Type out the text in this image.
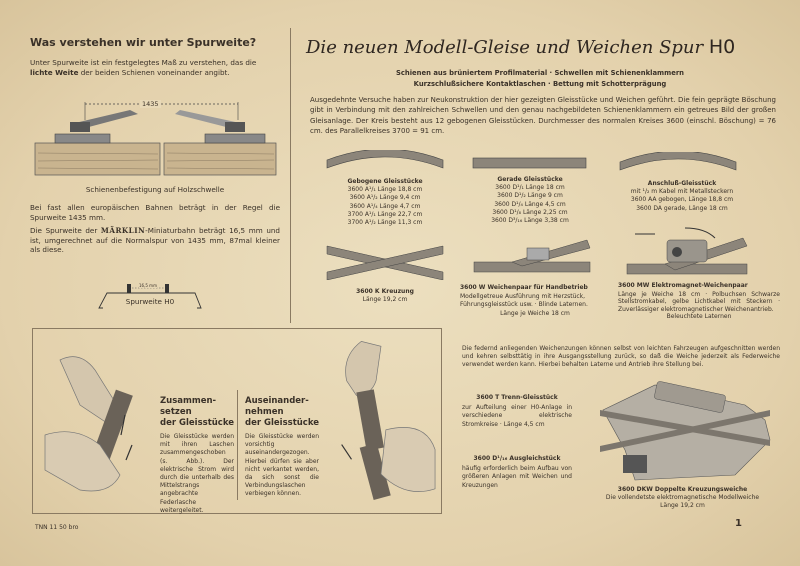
Was verstehen wir unter Spurweite?
Unter Spurweite ist ein festgelegtes Maß zu verstehen, das die lichte Weite der beiden Schienen voneinander angibt.
1435
Schienenbefestigung auf Holzschwelle
Bei fast allen europäischen Bahnen beträgt in der Regel die Spurweite 1435 mm.
Die Spurweite der MÄRKLIN-Miniaturbahn beträgt 16,5 mm und ist, umgerechnet auf die Normalspur von 1435 mm, 87mal kleiner als diese.
16,5 mm
Spurweite H0
Zusammen-
setzen
der Gleisstücke
Die Gleisstücke werden mit ihren Laschen zusammengeschoben (s. Abb.). Der elektrische Strom wird durch die unterhalb des Mittelstrangs angebrachte Federlasche weitergeleitet.
Auseinander-
nehmen
der Gleisstücke
Die Gleisstücke werden vorsichtig auseinandergezogen. Hierbei dürfen sie aber nicht verkantet werden, da sich sonst die Verbindungslaschen verbiegen können.
TNN 11 50 bro
Die neuen Modell-Gleise und Weichen Spur H0
Schienen aus brüniertem Profilmaterial · Schwellen mit Schienenklammern
Kurzschlußsichere Kontaktlaschen · Bettung mit Schotterprägung
Ausgedehnte Versuche haben zur Neukonstruktion der hier gezeigten Gleisstücke und Weichen geführt. Die fein geprägte Böschung gibt in Verbindung mit den zahlreichen Schwellen und den genau nachgebildeten Schienenklammern ein getreues Bild der großen Gleisanlage. Der Kreis besteht aus 12 gebogenen Gleisstücken. Durchmesser des normalen Kreises 3600 (einschl. Böschung) = 76 cm. des Parallelkreises 3700 = 91 cm.
Gebogene Gleisstücke
3600 A¹/₁ Länge 18,8 cm
3600 A¹/₂ Länge 9,4 cm
3600 A¹/₄ Länge 4,7 cm
3700 A¹/₁ Länge 22,7 cm
3700 A¹/₂ Länge 11,3 cm
Gerade Gleisstücke
3600 D¹/₁ Länge 18 cm
3600 D¹/₂ Länge 9 cm
3600 D¹/₄ Länge 4,5 cm
3600 D¹/₈ Länge 2,25 cm
3600 D³/₁₆ Länge 3,38 cm
Anschluß-Gleisstück
mit ¹/₂ m Kabel mit Metallsteckern
3600 AA gebogen, Länge 18,8 cm
3600 DA gerade, Länge 18 cm
3600 K Kreuzung
Länge 19,2 cm
3600 W Weichenpaar für Handbetrieb
Modellgetreue Ausführung mit Herzstück,
Führungsgleisstück usw. · Blinde Laternen.
Länge je Weiche 18 cm
3600 MW Elektromagnet-Weichenpaar
Länge je Weiche 18 cm · Polbuchsen Schwarze Stellstromkabel, gelbe Lichtkabel mit Steckern · Zuverlässiger elektromagnetischer Weichenantrieb.
Beleuchtete Laternen
Die federnd anliegenden Weichenzungen können selbst von leichten Fahrzeugen aufgeschnitten werden und kehren selbsttätig in ihre Ausgangsstellung zurück, so daß die Weiche jederzeit als Federweiche verwendet werden kann. Hierbei behalten Laterne und Antrieb ihre Stellung bei.
3600 T Trenn-Gleisstück
zur Aufteilung einer H0-Anlage in verschiedene elektrische Stromkreise · Länge 4,5 cm
3600 D¹/₁₆ Ausgleichstück
häufig erforderlich beim Aufbau von größeren Anlagen mit Weichen und Kreuzungen
3600 DKW Doppelte Kreuzungsweiche
Die vollendetste elektromagnetische Modellweiche
Länge 19,2 cm
1
